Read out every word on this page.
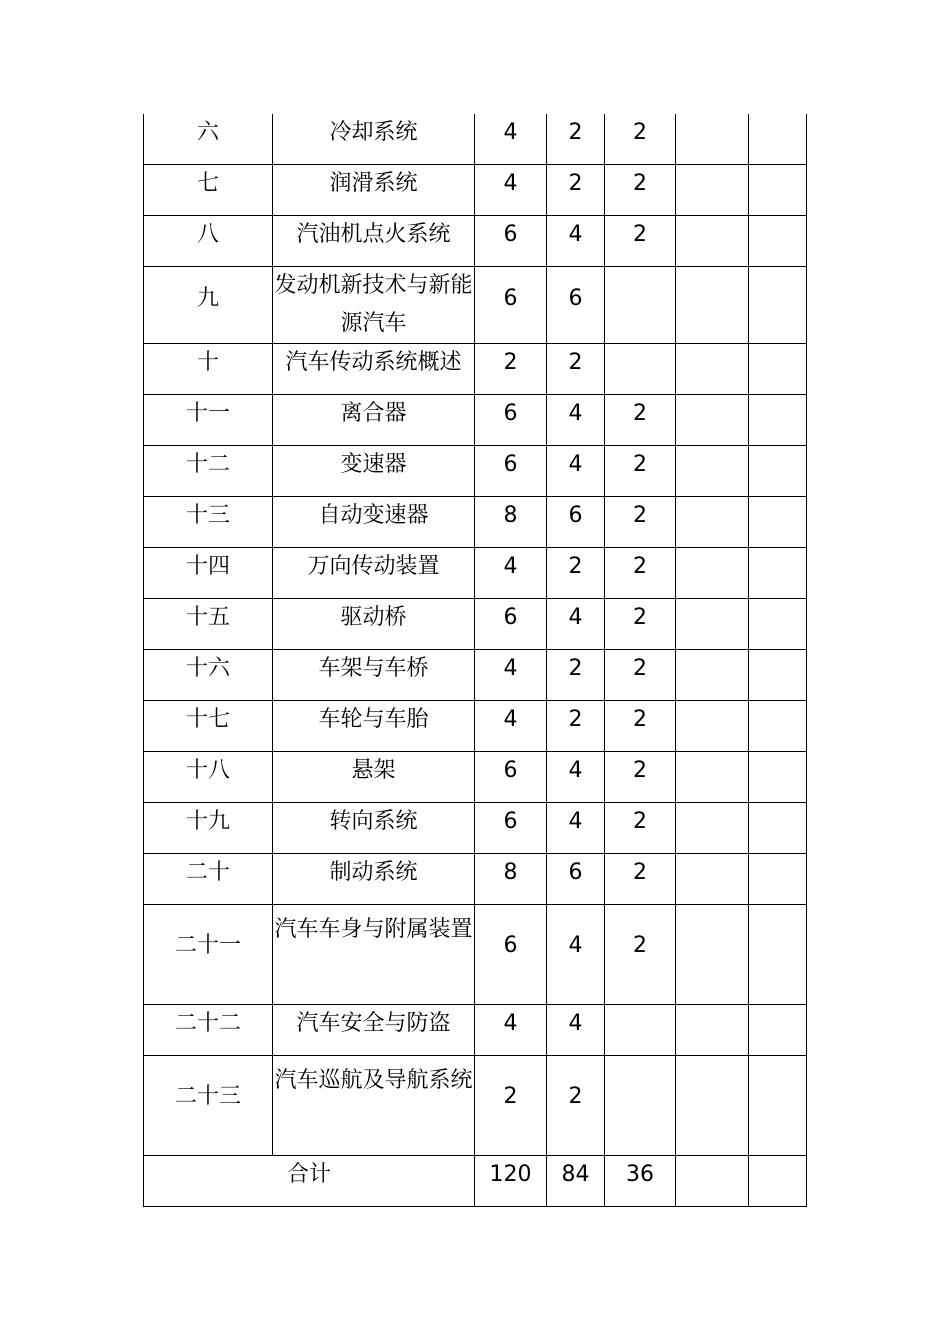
六	冷却系统	4	2	2		
七	润滑系统	4	2	2		
八	汽油机点火系统	6	4	2		
九	发动机新技术与新能源汽车	6	6			
十	汽车传动系统概述	2	2			
十一	离合器	6	4	2		
十二	变速器	6	4	2		
十三	自动变速器	8	6	2		
十四	万向传动装置	4	2	2		
十五	驱动桥	6	4	2		
十六	车架与车桥	4	2	2		
十七	车轮与车胎	4	2	2		
十八	悬架	6	4	2		
十九	转向系统	6	4	2		
二十	制动系统	8	6	2		
二十一	汽车车身与附属装置	6	4	2		
二十二	汽车安全与防盗	4	4			
二十三	汽车巡航及导航系统	2	2			
合计		120	84	36		
